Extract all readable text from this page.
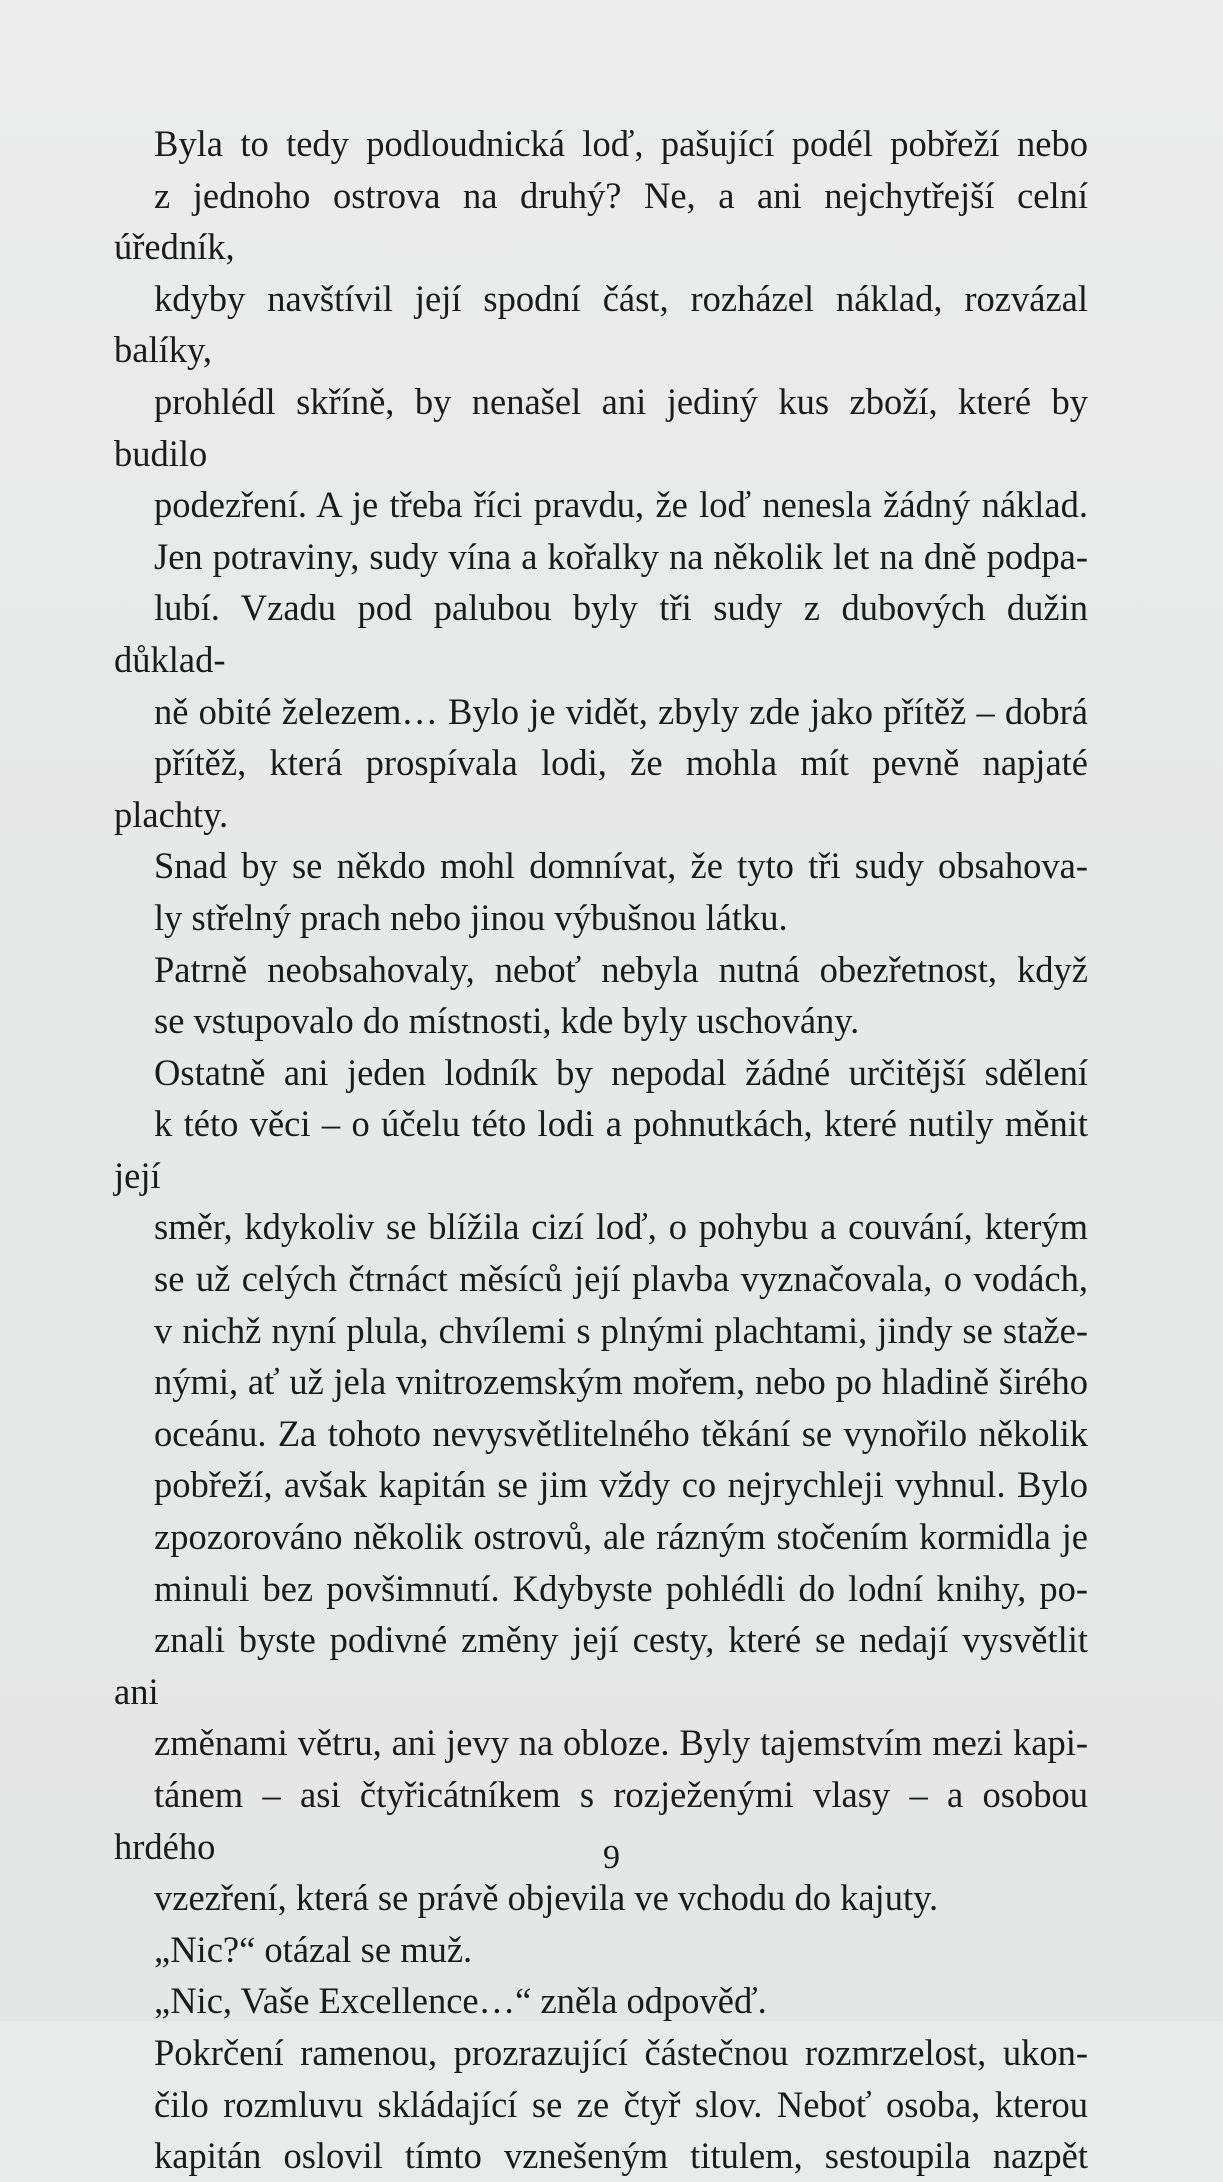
Byla to tedy podloudnická loď, pašující podél pobřeží nebo
z jednoho ostrova na druhý? Ne, a ani nejchytřejší celní úředník,
kdyby navštívil její spodní část, rozházel náklad, rozvázal balíky,
prohlédl skříně, by nenašel ani jediný kus zboží, které by budilo
podezření. A je třeba říci pravdu, že loď nenesla žádný náklad.
Jen potraviny, sudy vína a kořalky na několik let na dně podpa-
lubí. Vzadu pod palubou byly tři sudy z dubových dužin důklad-
ně obité železem… Bylo je vidět, zbyly zde jako přítěž – dobrá
přítěž, která prospívala lodi, že mohla mít pevně napjaté plachty.

Snad by se někdo mohl domnívat, že tyto tři sudy obsahova-
ly střelný prach nebo jinou výbušnou látku.

Patrně neobsahovaly, neboť nebyla nutná obezřetnost, když
se vstupovalo do místnosti, kde byly uschovány.

Ostatně ani jeden lodník by nepodal žádné určitější sdělení
k této věci – o účelu této lodi a pohnutkách, které nutily měnit její
směr, kdykoliv se blížila cizí loď, o pohybu a couvání, kterým
se už celých čtrnáct měsíců její plavba vyznačovala, o vodách,
v nichž nyní plula, chvílemi s plnými plachtami, jindy se staže-
nými, ať už jela vnitrozemským mořem, nebo po hladině širého
oceánu. Za tohoto nevysvětlitelného těkání se vynořilo několik
pobřeží, avšak kapitán se jim vždy co nejrychleji vyhnul. Bylo
zpozorováno několik ostrovů, ale rázným stočením kormidla je
minuli bez povšimnutí. Kdybyste pohlédli do lodní knihy, po-
znali byste podivné změny její cesty, které se nedají vysvětlit ani
změnami větru, ani jevy na obloze. Byly tajemstvím mezi kapi-
tánem – asi čtyřicátníkem s rozježenými vlasy – a osobou hrdého
vzezření, která se právě objevila ve vchodu do kajuty.

„Nic?“ otázal se muž.

„Nic, Vaše Excellence…“ zněla odpověď.

Pokrčení ramenou, prozrazující částečnou rozmrzelost, ukon-
čilo rozmluvu skládající se ze čtyř slov. Neboť osoba, kterou
kapitán oslovil tímto vznešeným titulem, sestoupila nazpět

9
